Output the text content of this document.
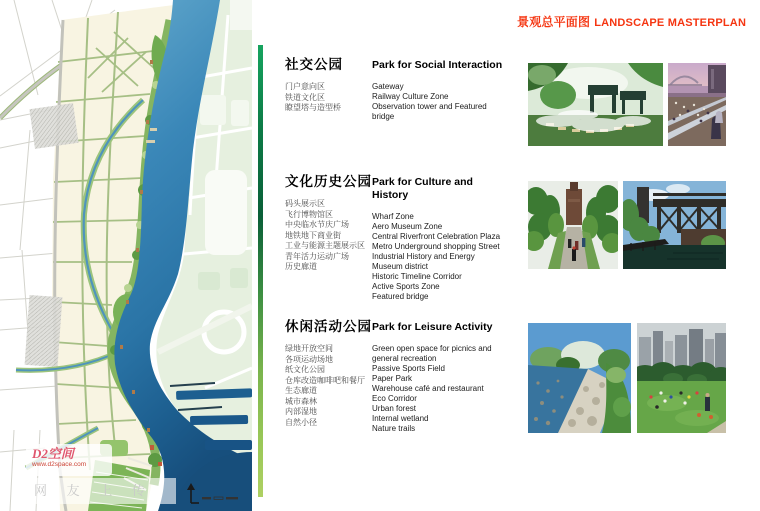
D2空间
www.d2space.com
网 友 上 传
景观总平面图 LANDSCAPE MASTERPLAN
社交公园
门户意向区
铁道文化区
瞭望塔与造型桥
Park for Social Interaction
Gateway
Railway Culture Zone
Observation tower and Featured bridge
文化历史公园
码头展示区
飞行博物馆区
中央临水节庆广场
地铁地下商业街
工业与能源主题展示区
青年活力运动广场
历史廊道
Park for Culture and History
Wharf Zone
Aero Museum Zone
Central Riverfront Celebration Plaza
Metro Underground shopping Street
Industrial History and Energy Museum district
Historic Timeline Corridor
Active Sports Zone
Featured bridge
休闲活动公园
绿地开放空间
各项运动场地
纸文化公园
仓库改造咖啡吧和餐厅
生态廊道
城市森林
内部湿地
自然小径
Park for Leisure Activity
Green open space for picnics and general recreation
Passive Sports Field
Paper Park
Warehouse café and restaurant
Eco Corridor
Urban forest
Internal wetland
Nature trails
